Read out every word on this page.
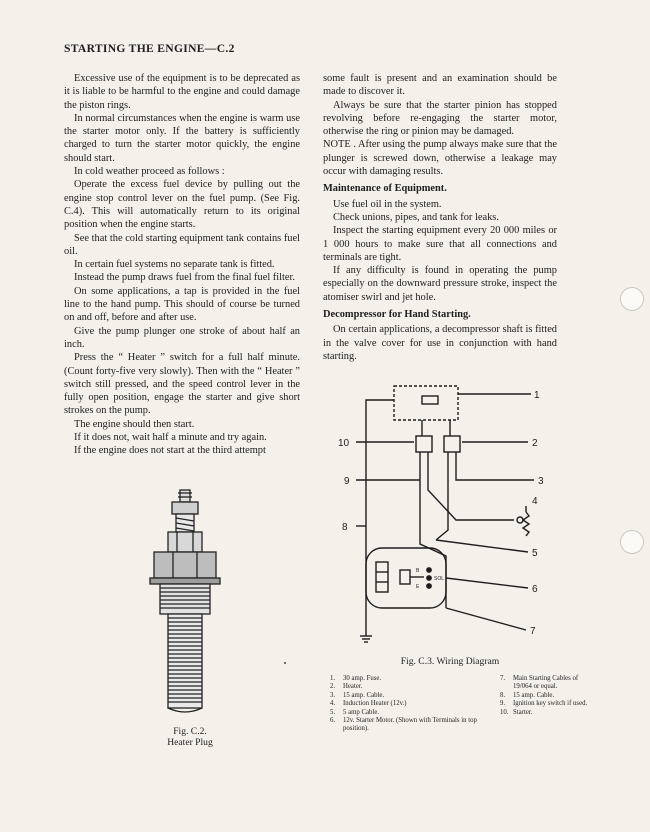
STARTING THE ENGINE—C.2

Excessive use of the equipment is to be deprecated as it is liable to be harmful to the engine and could damage the piston rings.

In normal circumstances when the engine is warm use the starter motor only. If the battery is sufficiently charged to turn the starter motor quickly, the engine should start.

In cold weather proceed as follows :

Operate the excess fuel device by pulling out the engine stop control lever on the fuel pump. (See Fig. C.4). This will automatically return to its original position when the engine starts.

See that the cold starting equipment tank contains fuel oil.

In certain fuel systems no separate tank is fitted.

Instead the pump draws fuel from the final fuel filter.

On some applications, a tap is provided in the fuel line to the hand pump. This should of course be turned on and off, before and after use.

Give the pump plunger one stroke of about half an inch.

Press the “ Heater ” switch for a full half minute. (Count forty-five very slowly). Then with the “ Heater ” switch still pressed, and the speed control lever in the fully open position, engage the starter and give short strokes on the pump.

The engine should then start.

If it does not, wait half a minute and try again.

If the engine does not start at the third attempt

some fault is present and an examination should be made to discover it.

Always be sure that the starter pinion has stopped revolving before re-engaging the starter motor, otherwise the ring or pinion may be damaged.

NOTE . After using the pump always make sure that the plunger is screwed down, otherwise a leakage may occur with damaging results.

Maintenance of Equipment.

Use fuel oil in the system.

Check unions, pipes, and tank for leaks.

Inspect the starting equipment every 20 000 miles or 1 000 hours to make sure that all connections and terminals are tight.

If any difficulty is found in operating the pump especially on the downward pressure stroke, inspect the atomiser swirl and jet hole.

Decompressor for Hand Starting.

On certain applications, a decompressor shaft is fitted in the valve cover for use in conjunction with hand starting.

Fig. C.2.
Heater Plug
1
2
3
4
5
6
7
8
9
10
B
SOL
E
Fig. C.3. Wiring Diagram
1.	30 amp. Fuse.
2.	Heater.
3.	15 amp. Cable.
4.	Induction Heater (12v.)
5.	5 amp Cable.
6.	12v. Starter Motor. (Shown with Terminals in top position).
7.	Main Starting Cables of 19/064 or equal.
8.	15 amp. Cable.
9.	Ignition key switch if used.
10. Starter.
